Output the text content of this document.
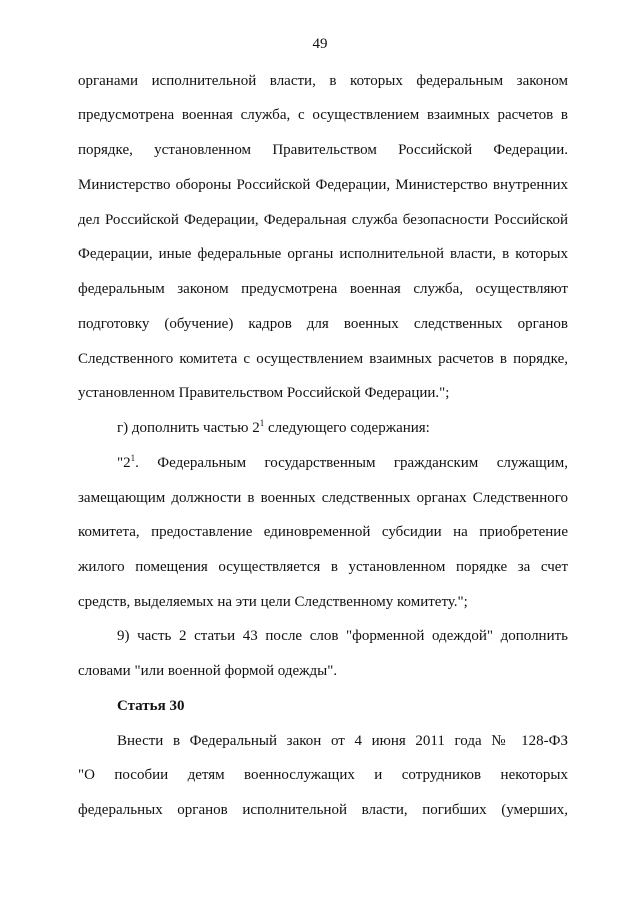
49
органами исполнительной власти, в которых федеральным законом
предусмотрена военная служба, с осуществлением взаимных расчетов в
порядке, установленном Правительством Российской Федерации.
Министерство обороны Российской Федерации, Министерство внутренних
дел Российской Федерации, Федеральная служба безопасности Российской
Федерации, иные федеральные органы исполнительной власти, в которых
федеральным законом предусмотрена военная служба, осуществляют
подготовку (обучение) кадров для военных следственных органов
Следственного комитета с осуществлением взаимных расчетов в порядке,
установленном Правительством Российской Федерации.";
г) дополнить частью $2^1$ следующего содержания:
"$2^1$. Федеральным государственным гражданским служащим,
замещающим должности в военных следственных органах Следственного
комитета, предоставление единовременной субсидии на приобретение
жилого помещения осуществляется в установленном порядке за счет
средств, выделяемых на эти цели Следственному комитету.";
9) часть 2 статьи 43 после слов "форменной одеждой" дополнить
словами "или военной формой одежды".
Статья 30
Внести в Федеральный закон от 4 июня 2011 года № 128-ФЗ
"О пособии детям военнослужащих и сотрудников некоторых
федеральных органов исполнительной власти, погибших (умерших,
